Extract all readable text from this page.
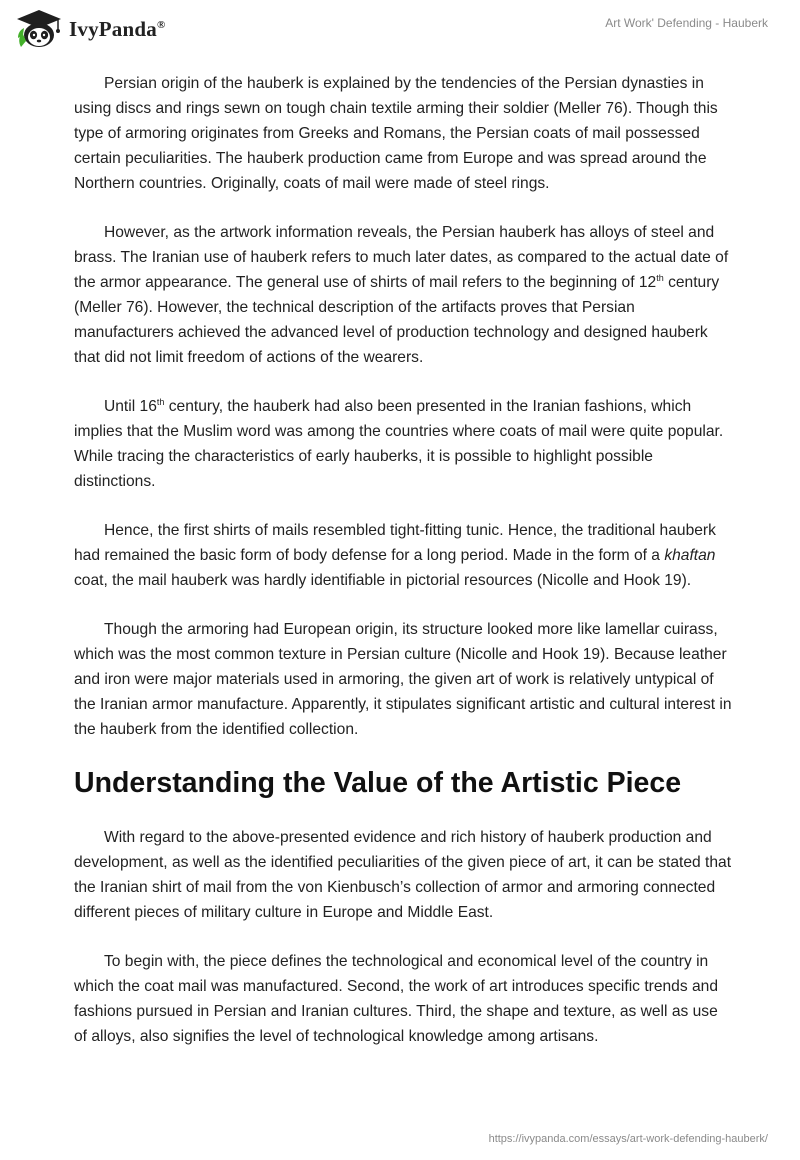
IvyPanda®	Art Work' Defending - Hauberk

Persian origin of the hauberk is explained by the tendencies of the Persian dynasties in using discs and rings sewn on tough chain textile arming their soldier (Meller 76). Though this type of armoring originates from Greeks and Romans, the Persian coats of mail possessed certain peculiarities. The hauberk production came from Europe and was spread around the Northern countries. Originally, coats of mail were made of steel rings.

However, as the artwork information reveals, the Persian hauberk has alloys of steel and brass. The Iranian use of hauberk refers to much later dates, as compared to the actual date of the armor appearance. The general use of shirts of mail refers to the beginning of 12th century (Meller 76). However, the technical description of the artifacts proves that Persian manufacturers achieved the advanced level of production technology and designed hauberk that did not limit freedom of actions of the wearers.

Until 16th century, the hauberk had also been presented in the Iranian fashions, which implies that the Muslim word was among the countries where coats of mail were quite popular. While tracing the characteristics of early hauberks, it is possible to highlight possible distinctions.

Hence, the first shirts of mails resembled tight-fitting tunic. Hence, the traditional hauberk had remained the basic form of body defense for a long period. Made in the form of a khaftan coat, the mail hauberk was hardly identifiable in pictorial resources (Nicolle and Hook 19).

Though the armoring had European origin, its structure looked more like lamellar cuirass, which was the most common texture in Persian culture (Nicolle and Hook 19). Because leather and iron were major materials used in armoring, the given art of work is relatively untypical of the Iranian armor manufacture. Apparently, it stipulates significant artistic and cultural interest in the hauberk from the identified collection.

Understanding the Value of the Artistic Piece

With regard to the above-presented evidence and rich history of hauberk production and development, as well as the identified peculiarities of the given piece of art, it can be stated that the Iranian shirt of mail from the von Kienbusch’s collection of armor and armoring connected different pieces of military culture in Europe and Middle East.

To begin with, the piece defines the technological and economical level of the country in which the coat mail was manufactured. Second, the work of art introduces specific trends and fashions pursued in Persian and Iranian cultures. Third, the shape and texture, as well as use of alloys, also signifies the level of technological knowledge among artisans.

https://ivypanda.com/essays/art-work-defending-hauberk/
